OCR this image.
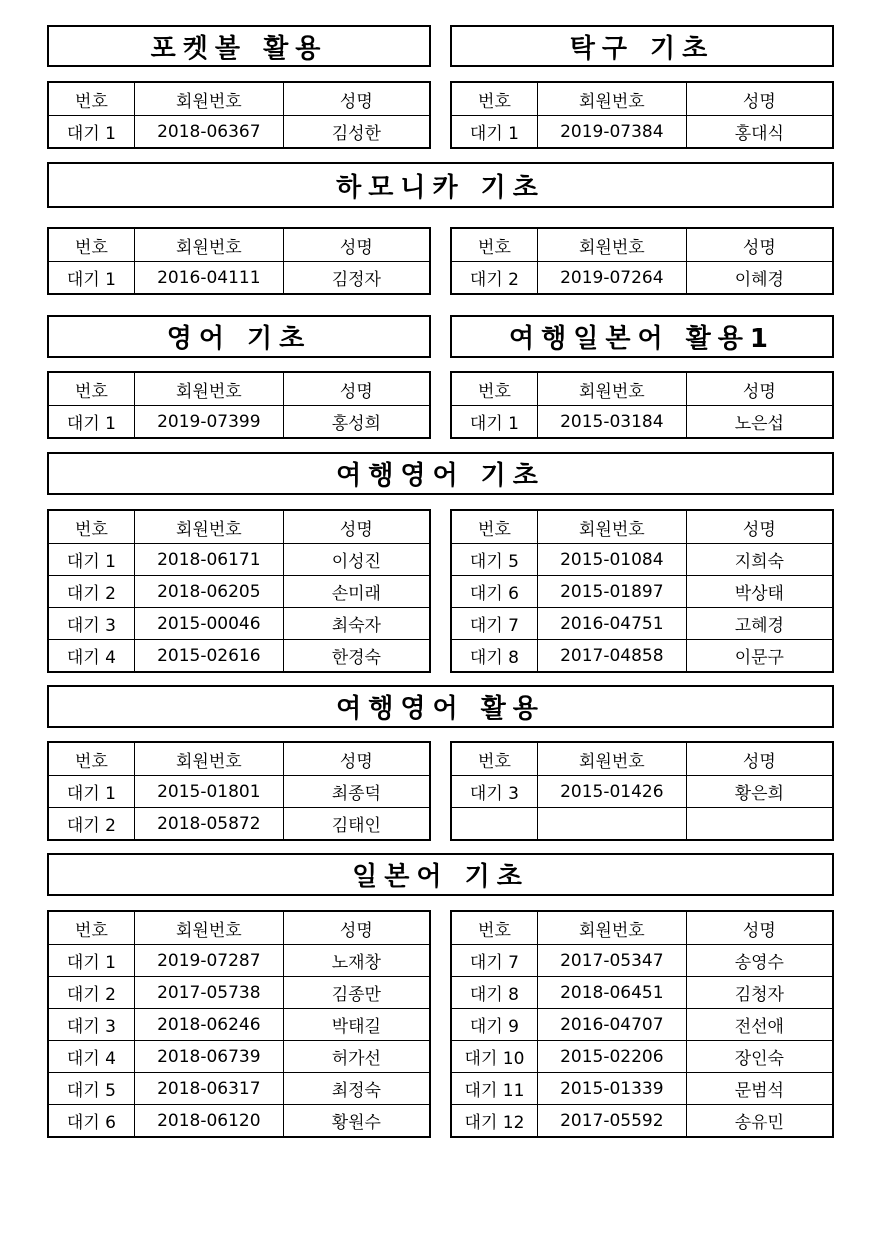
포켓볼 활용	탁구 기초
번호	회원번호	성명
대기 1	2018-06367	김성한
번호	회원번호	성명
대기 1	2019-07384	홍대식
하모니카 기초
번호	회원번호	성명
대기 1	2016-04111	김정자
번호	회원번호	성명
대기 2	2019-07264	이혜경
영어 기초	여행일본어 활용1
번호	회원번호	성명
대기 1	2019-07399	홍성희
번호	회원번호	성명
대기 1	2015-03184	노은섭
여행영어 기초
번호	회원번호	성명
대기 1	2018-06171	이성진
대기 2	2018-06205	손미래
대기 3	2015-00046	최숙자
대기 4	2015-02616	한경숙
번호	회원번호	성명
대기 5	2015-01084	지희숙
대기 6	2015-01897	박상태
대기 7	2016-04751	고혜경
대기 8	2017-04858	이문구
여행영어 활용
번호	회원번호	성명
대기 1	2015-01801	최종덕
대기 2	2018-05872	김태인
번호	회원번호	성명
대기 3	2015-01426	황은희

일본어 기초
번호	회원번호	성명
대기 1	2019-07287	노재창
대기 2	2017-05738	김종만
대기 3	2018-06246	박태길
대기 4	2018-06739	허가선
대기 5	2018-06317	최정숙
대기 6	2018-06120	황원수
번호	회원번호	성명
대기 7	2017-05347	송영수
대기 8	2018-06451	김청자
대기 9	2016-04707	전선애
대기 10	2015-02206	장인숙
대기 11	2015-01339	문범석
대기 12	2017-05592	송유민
